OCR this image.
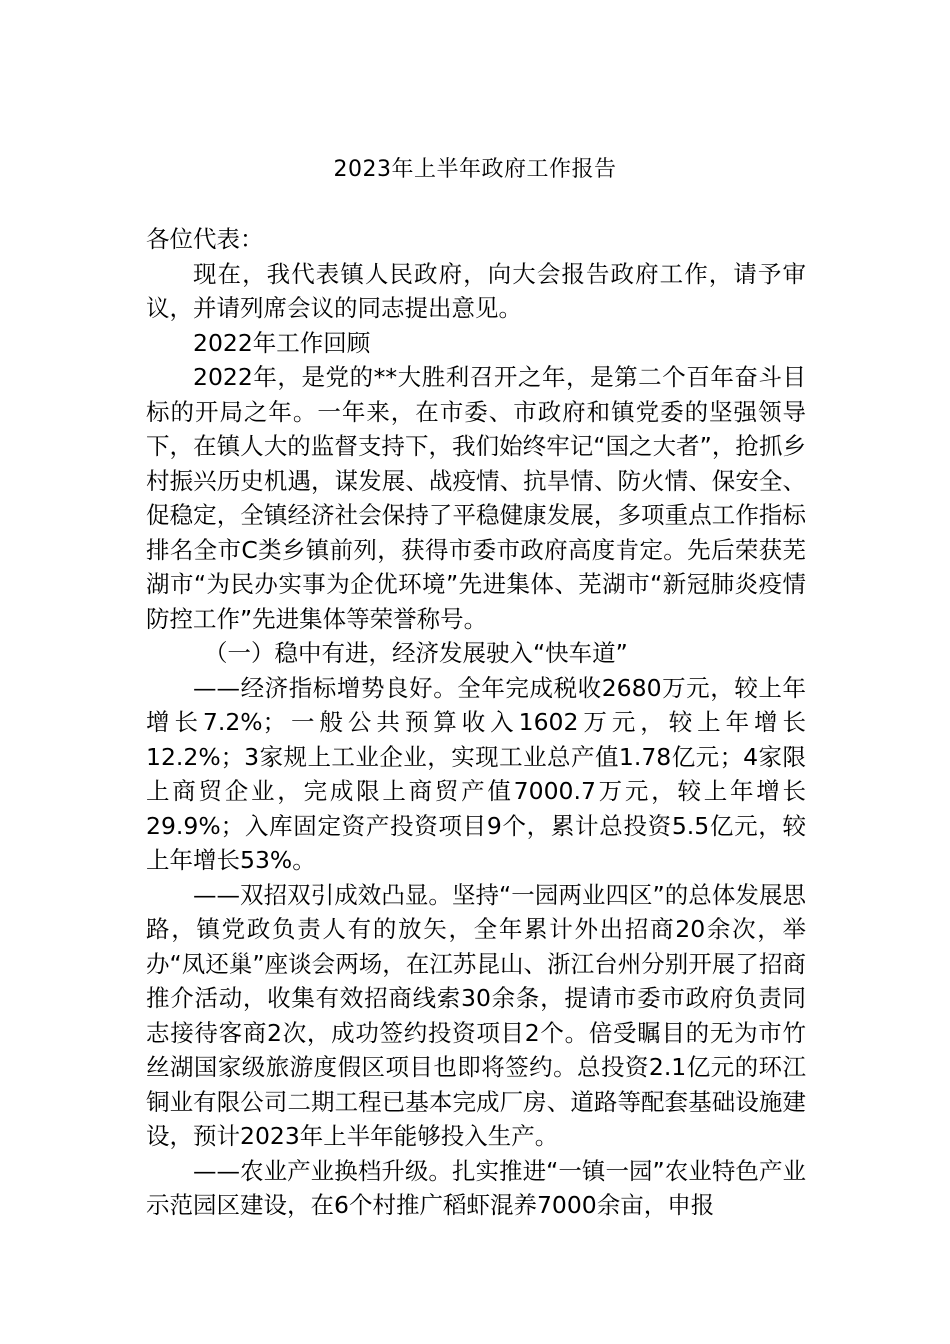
2023年上半年政府工作报告

各位代表：

现在，我代表镇人民政府，向大会报告政府工作，请予审议，并请列席会议的同志提出意见。

2022年工作回顾

2022年，是党的**大胜利召开之年，是第二个百年奋斗目标的开局之年。一年来，在市委、市政府和镇党委的坚强领导下，在镇人大的监督支持下，我们始终牢记“国之大者”，抢抓乡村振兴历史机遇，谋发展、战疫情、抗旱情、防火情、保安全、促稳定，全镇经济社会保持了平稳健康发展，多项重点工作指标排名全市C类乡镇前列，获得市委市政府高度肯定。先后荣获芜湖市“为民办实事为企优环境”先进集体、芜湖市“新冠肺炎疫情防控工作”先进集体等荣誉称号。

（一）稳中有进，经济发展驶入“快车道”

——经济指标增势良好。全年完成税收2680万元，较上年增长7.2%；一般公共预算收入1602万元，较上年增长12.2%；3家规上工业企业，实现工业总产值1.78亿元；4家限上商贸企业，完成限上商贸产值7000.7万元，较上年增长29.9%；入库固定资产投资项目9个，累计总投资5.5亿元，较上年增长53%。

——双招双引成效凸显。坚持“一园两业四区”的总体发展思路，镇党政负责人有的放矢，全年累计外出招商20余次，举办“凤还巢”座谈会两场，在江苏昆山、浙江台州分别开展了招商推介活动，收集有效招商线索30余条，提请市委市政府负责同志接待客商2次，成功签约投资项目2个。倍受瞩目的无为市竹丝湖国家级旅游度假区项目也即将签约。总投资2.1亿元的环江铜业有限公司二期工程已基本完成厂房、道路等配套基础设施建设，预计2023年上半年能够投入生产。

——农业产业换档升级。扎实推进“一镇一园”农业特色产业示范园区建设，在6个村推广稻虾混养7000余亩，申报
